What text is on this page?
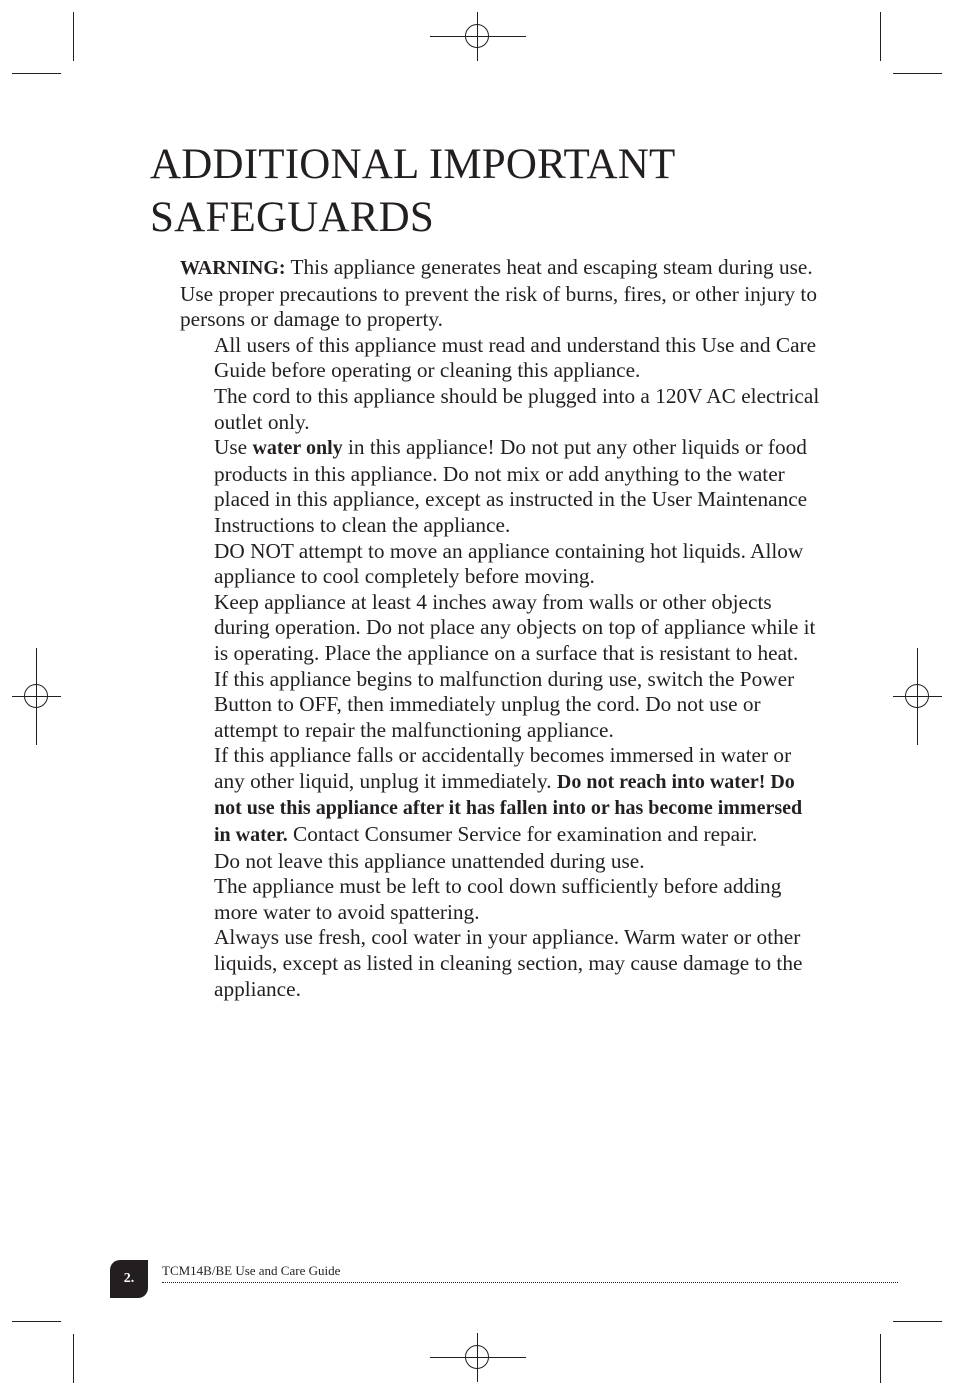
ADDITIONAL IMPORTANT
SAFEGUARDS

WARNING: This appliance generates heat and escaping steam during use. Use proper precautions to prevent the risk of burns, fires, or other injury to persons or damage to property.

All users of this appliance must read and understand this Use and Care Guide before operating or cleaning this appliance.

The cord to this appliance should be plugged into a 120V AC electrical outlet only.

Use water only in this appliance! Do not put any other liquids or food products in this appliance. Do not mix or add anything to the water placed in this appliance, except as instructed in the User Maintenance Instructions to clean the appliance.

DO NOT attempt to move an appliance containing hot liquids. Allow appliance to cool completely before moving.

Keep appliance at least 4 inches away from walls or other objects during operation. Do not place any objects on top of appliance while it is operating. Place the appliance on a surface that is resistant to heat.

If this appliance begins to malfunction during use, switch the Power Button to OFF, then immediately unplug the cord. Do not use or attempt to repair the malfunctioning appliance.

If this appliance falls or accidentally becomes immersed in water or any other liquid, unplug it immediately. Do not reach into water! Do not use this appliance after it has fallen into or has become immersed in water. Contact Consumer Service for examination and repair.

Do not leave this appliance unattended during use.

The appliance must be left to cool down sufficiently before adding more water to avoid spattering.

Always use fresh, cool water in your appliance. Warm water or other liquids, except as listed in cleaning section, may cause damage to the appliance.

2.
TCM14B/BE Use and Care Guide
